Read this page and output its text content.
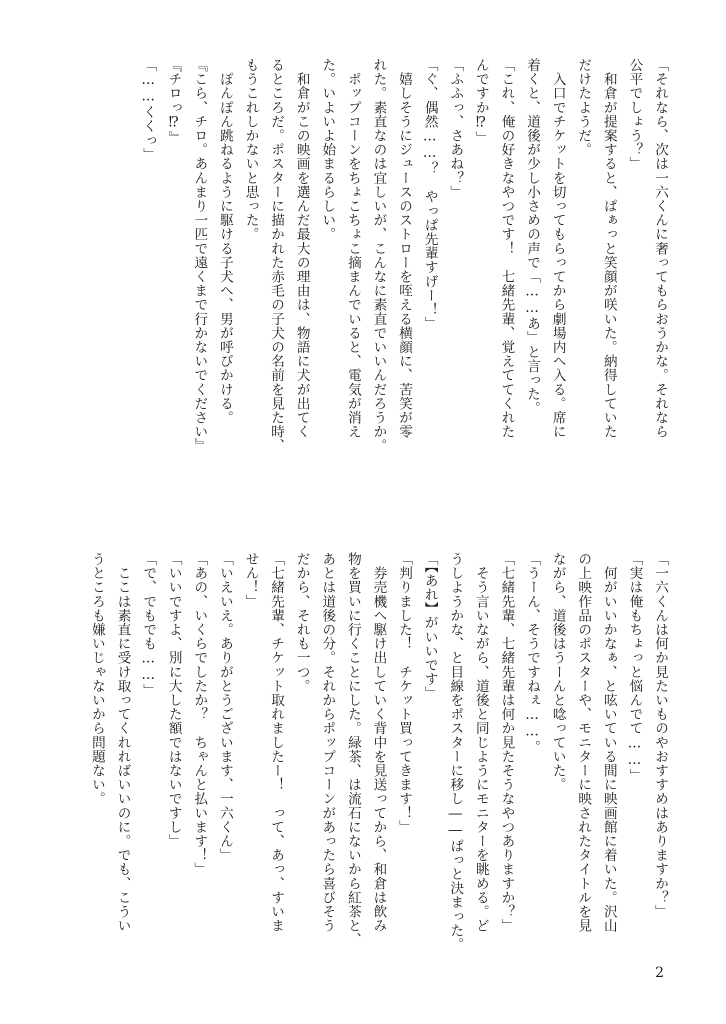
「それなら、次は一六くんに奢ってもらおうかな。それなら
公平でしょう？」
　和倉が提案すると、ぱぁっと笑顔が咲いた。納得していた
だけたようだ。
　入口でチケットを切ってもらってから劇場内へ入る。席に
着くと、道後が少し小さめの声で「……あ」と言った。
「これ、俺の好きなやつです！　七緒先輩、覚えててくれた
んですか⁉」
「ふふっ、さあね？」
「ぐ、偶然……？　やっぱ先輩すげー！」
　嬉しそうにジュースのストローを咥える横顔に、苦笑が零
れた。素直なのは宜しいが、こんなに素直でいいんだろうか。
　ポップコーンをちょこちょこ摘まんでいると、電気が消え
た。いよいよ始まるらしい。
　和倉がこの映画を選んだ最大の理由は、物語に犬が出てく
るところだ。ポスターに描かれた赤毛の子犬の名前を見た時、
もうこれしかないと思った。
　ぽんぽん跳ねるように駆ける子犬へ、男が呼びかける。
『こら、チロ。あんまり一匹で遠くまで行かないでください』
『チロっ⁉』
「……くくっ」
「一六くんは何か見たいものやおすすめはありますか？」
「実は俺もちょっと悩んでて……」
　何がいいかなぁ、と呟いている間に映画館に着いた。沢山
の上映作品のポスターや、モニターに映されたタイトルを見
ながら、道後はうーんと唸っていた。
「うーん、そうですねぇ……。
「七緒先輩、七緒先輩は何か見たそうなやつありますか？」
　そう言いながら、道後と同じようにモニターを眺める。ど
うしようかな、と目線をポスターに移し――ぱっと決まった。
「【あれ】がいいです」
「判りました！　チケット買ってきます！」
　券売機へ駆け出していく背中を見送ってから、和倉は飲み
物を買いに行くことにした。緑茶、は流石にないから紅茶と、
あとは道後の分。それからポップコーンがあったら喜びそう
だから、それも一つ。
「七緒先輩、チケット取れましたー！　って、あっ、すいま
せん！」
「いえいえ。ありがとうございます、一六くん」
「あの、いくらでしたか？　ちゃんと払います！」
「いいですよ、別に大した額ではないですし」
「で、でもでも……」
　ここは素直に受け取ってくれればいいのに。でも、こうい
うところも嫌いじゃないから問題ない。
2
